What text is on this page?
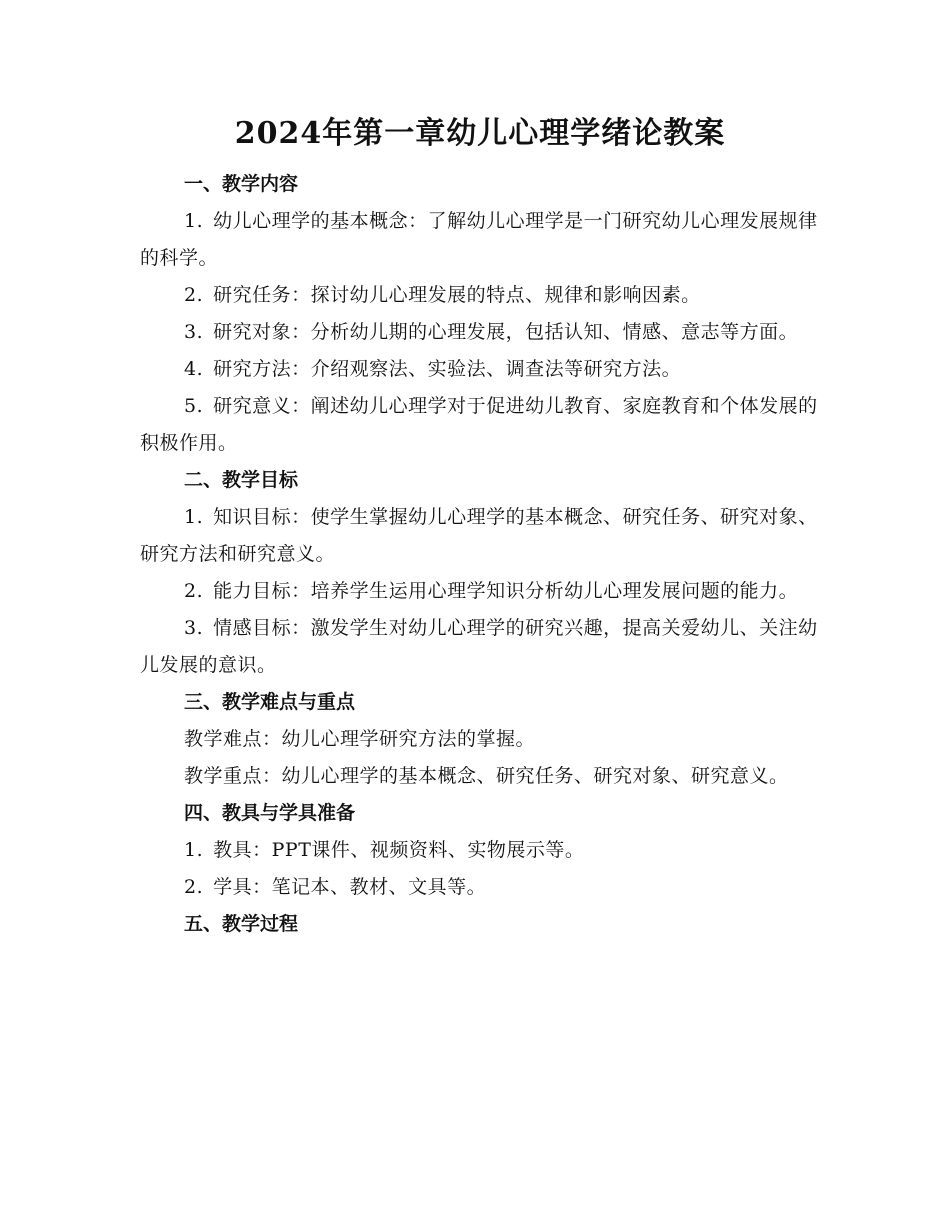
2024年第一章幼儿心理学绪论教案

一、教学内容

1. 幼儿心理学的基本概念：了解幼儿心理学是一门研究幼儿心理发展规律的科学。
2. 研究任务：探讨幼儿心理发展的特点、规律和影响因素。
3. 研究对象：分析幼儿期的心理发展，包括认知、情感、意志等方面。
4. 研究方法：介绍观察法、实验法、调查法等研究方法。
5. 研究意义：阐述幼儿心理学对于促进幼儿教育、家庭教育和个体发展的积极作用。

二、教学目标

1. 知识目标：使学生掌握幼儿心理学的基本概念、研究任务、研究对象、研究方法和研究意义。
2. 能力目标：培养学生运用心理学知识分析幼儿心理发展问题的能力。
3. 情感目标：激发学生对幼儿心理学的研究兴趣，提高关爱幼儿、关注幼儿发展的意识。

三、教学难点与重点

教学难点：幼儿心理学研究方法的掌握。

教学重点：幼儿心理学的基本概念、研究任务、研究对象、研究意义。

四、教具与学具准备

1. 教具：PPT课件、视频资料、实物展示等。
2. 学具：笔记本、教材、文具等。

五、教学过程
